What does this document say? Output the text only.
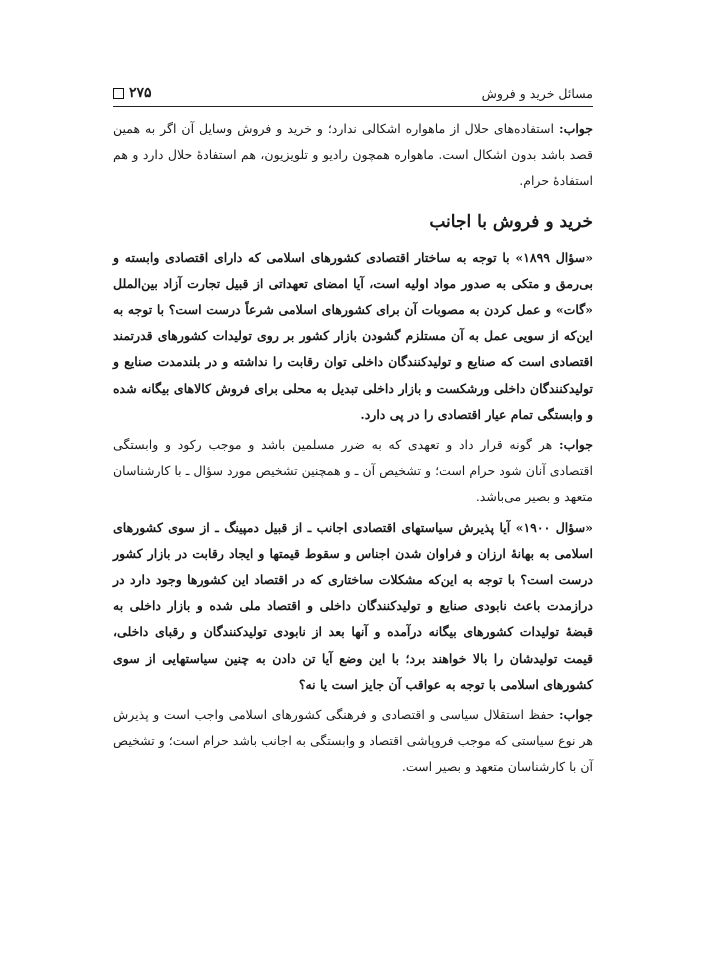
۲۷۵	مسائل خرید و فروش

جواب: استفاده‌های حلال از ماهواره اشکالی ندارد؛ و خرید و فروش وسایل آن اگر به همین قصد باشد بدون اشکال است. ماهواره همچون رادیو و تلویزیون، هم استفادهٔ حلال دارد و هم استفادهٔ حرام.

خرید و فروش با اجانب

«سؤال ۱۸۹۹» با توجه به ساختار اقتصادی کشورهای اسلامی که دارای اقتصادی وابسته و بی‌رمق و متکی به صدور مواد اولیه است، آیا امضای تعهداتی از قبیل تجارت آزاد بین‌الملل «گات» و عمل کردن به مصوبات آن برای کشورهای اسلامی شرعاً درست است؟ با توجه به این‌که از سویی عمل به آن مستلزم گشودن بازار کشور بر روی تولیدات کشورهای قدرتمند اقتصادی است که صنایع و تولیدکنندگان داخلی توان رقابت را نداشته و در بلندمدت صنایع و تولیدکنندگان داخلی ورشکست و بازار داخلی تبدیل به محلی برای فروش کالاهای بیگانه شده و وابستگی تمام عیار اقتصادی را در پی دارد.

جواب: هر گونه قرار داد و تعهدی که به ضرر مسلمین باشد و موجب رکود و وابستگی اقتصادی آنان شود حرام است؛ و تشخیص آن ـ و همچنین تشخیص مورد سؤال ـ با کارشناسان متعهد و بصیر می‌باشد.

«سؤال ۱۹۰۰» آیا پذیرش سیاستهای اقتصادی اجانب ـ از قبیل دمپینگ ـ از سوی کشورهای اسلامی به بهانهٔ ارزان و فراوان شدن اجناس و سقوط قیمتها و ایجاد رقابت در بازار کشور درست است؟ با توجه به این‌که مشکلات ساختاری که در اقتصاد این کشورها وجود دارد در درازمدت باعث نابودی صنایع و تولیدکنندگان داخلی و اقتصاد ملی شده و بازار داخلی به قبضهٔ تولیدات کشورهای بیگانه درآمده و آنها بعد از نابودی تولیدکنندگان و رقبای داخلی، قیمت تولیدشان را بالا خواهند برد؛ با این وضع آیا تن دادن به چنین سیاستهایی از سوی کشورهای اسلامی با توجه به عواقب آن جایز است یا نه؟

جواب: حفظ استقلال سیاسی و اقتصادی و فرهنگی کشورهای اسلامی واجب است و پذیرش هر نوع سیاستی که موجب فروپاشی اقتصاد و وابستگی به اجانب باشد حرام است؛ و تشخیص آن با کارشناسان متعهد و بصیر است.
